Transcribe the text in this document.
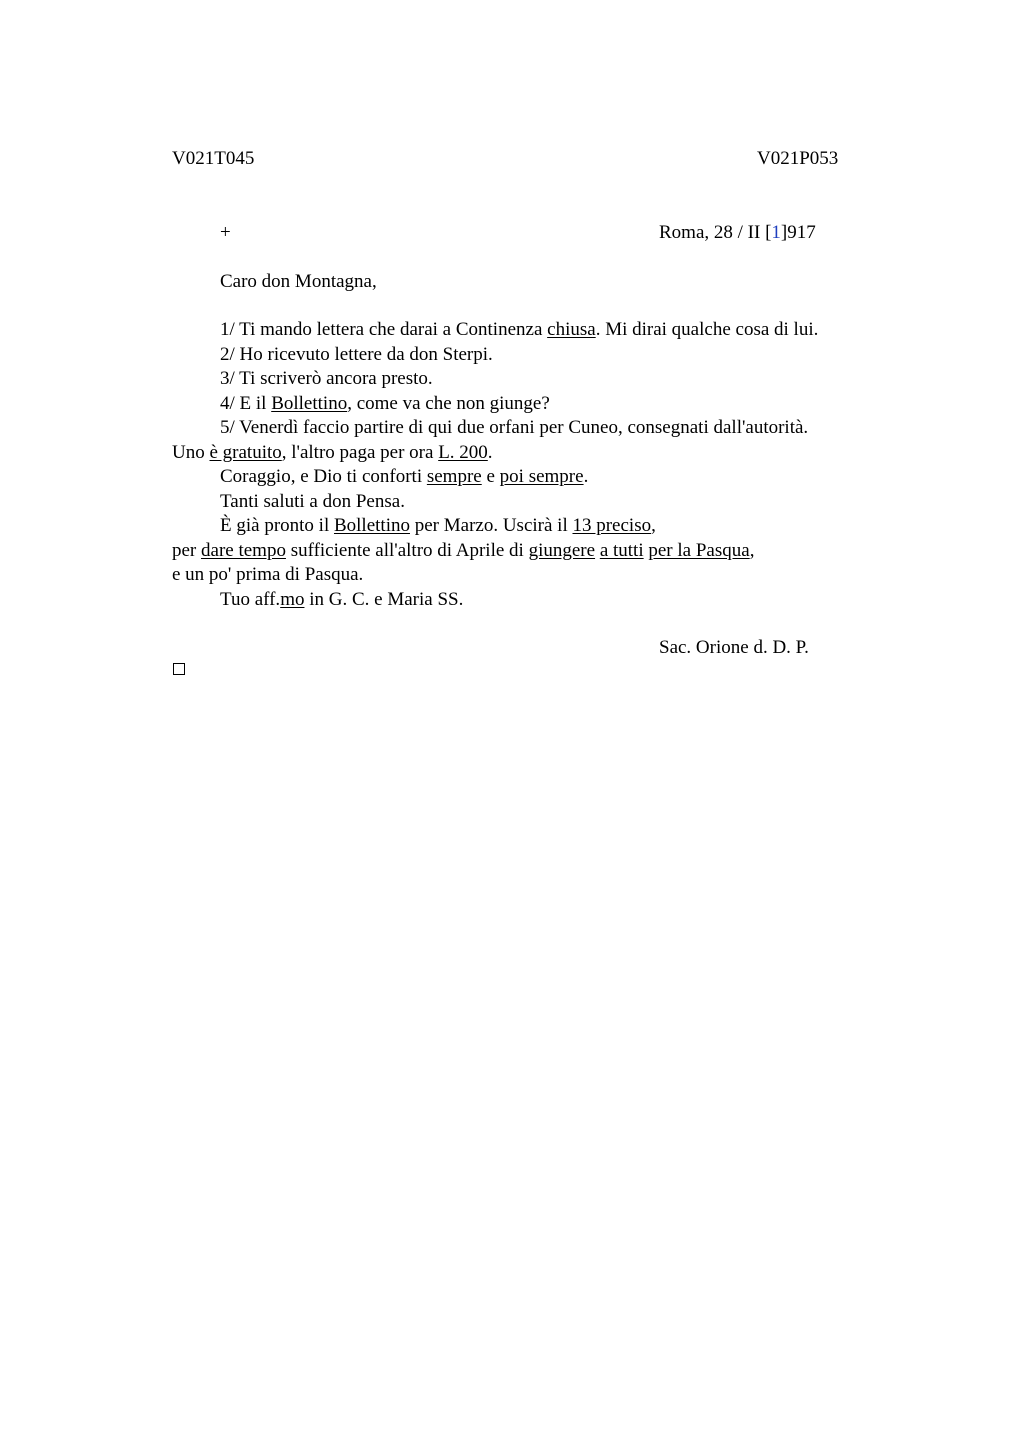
V021T045	V021P053
+	Roma, 28 / II [1]917
Caro don Montagna,
1/ Ti mando lettera che darai a Continenza chiusa. Mi dirai qualche cosa di lui.
2/ Ho ricevuto lettere da don Sterpi.
3/ Ti scriverò ancora presto.
4/ E il Bollettino, come va che non giunge?
5/ Venerdì faccio partire di qui due orfani per Cuneo, consegnati dall'autorità.
Uno è gratuito, l'altro paga per ora L. 200.
Coraggio, e Dio ti conforti sempre e poi sempre.
Tanti saluti a don Pensa.
È già pronto il Bollettino per Marzo. Uscirà il 13 preciso,
per dare tempo sufficiente all'altro di Aprile di giungere a tutti per la Pasqua,
e un po' prima di Pasqua.
Tuo aff.mo in G. C. e Maria SS.
Sac. Orione d. D. P.
